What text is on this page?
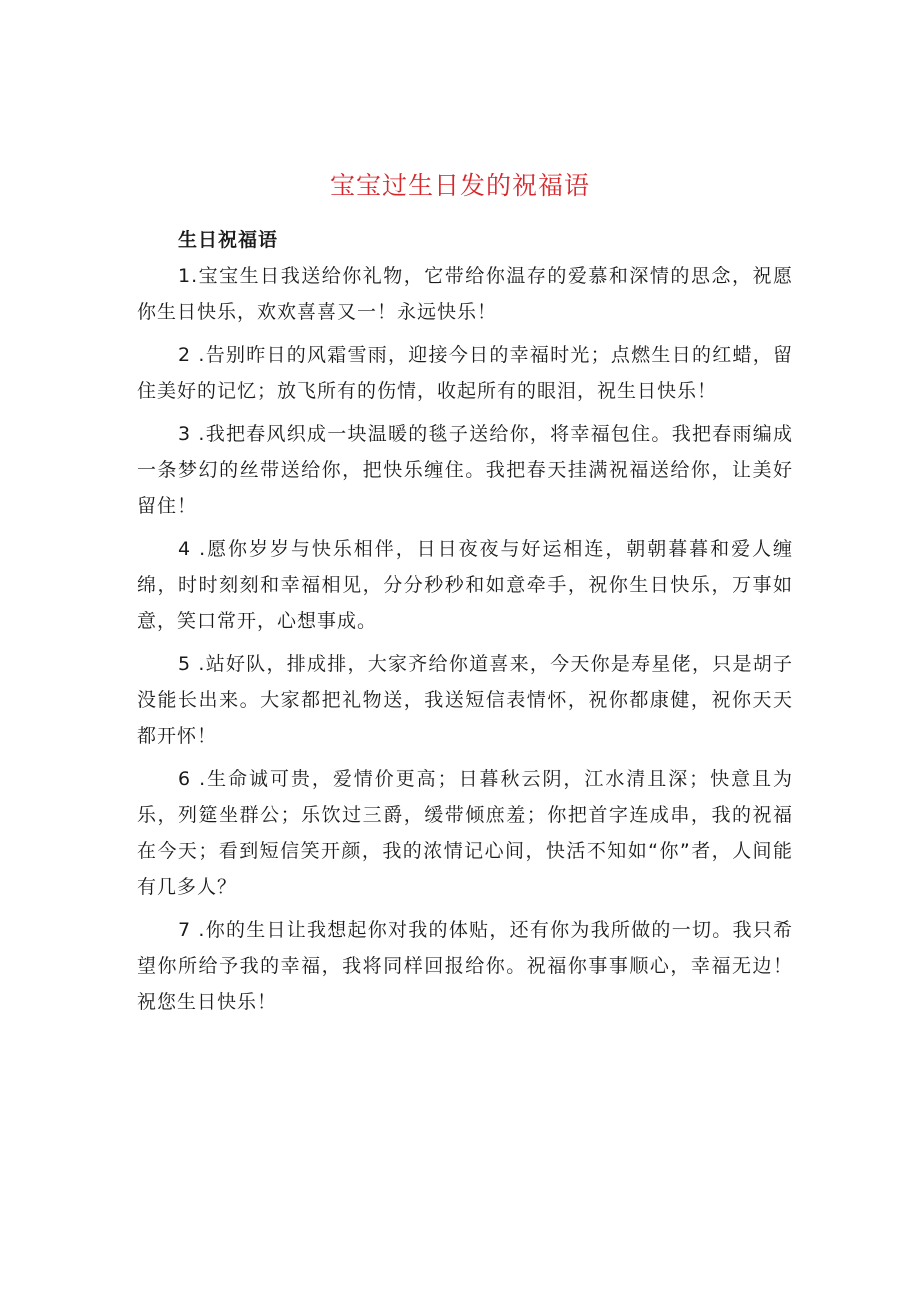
宝宝过生日发的祝福语

生日祝福语

1.宝宝生日我送给你礼物，它带给你温存的爱慕和深情的思念，祝愿你生日快乐，欢欢喜喜又一！永远快乐！

2 .告别昨日的风霜雪雨，迎接今日的幸福时光；点燃生日的红蜡，留住美好的记忆；放飞所有的伤情，收起所有的眼泪，祝生日快乐！

3 .我把春风织成一块温暖的毯子送给你，将幸福包住。我把春雨编成一条梦幻的丝带送给你，把快乐缠住。我把春天挂满祝福送给你，让美好留住！

4 .愿你岁岁与快乐相伴，日日夜夜与好运相连，朝朝暮暮和爱人缠绵，时时刻刻和幸福相见，分分秒秒和如意牵手，祝你生日快乐，万事如意，笑口常开，心想事成。

5 .站好队，排成排，大家齐给你道喜来，今天你是寿星佬，只是胡子没能长出来。大家都把礼物送，我送短信表情怀，祝你都康健，祝你天天都开怀！

6 .生命诚可贵，爱情价更高；日暮秋云阴，江水清且深；快意且为乐，列筵坐群公；乐饮过三爵，缓带倾庶羞；你把首字连成串，我的祝福在今天；看到短信笑开颜，我的浓情记心间，快活不知如“你”者，人间能有几多人？

7 .你的生日让我想起你对我的体贴，还有你为我所做的一切。我只希望你所给予我的幸福，我将同样回报给你。祝福你事事顺心，幸福无边！祝您生日快乐！
